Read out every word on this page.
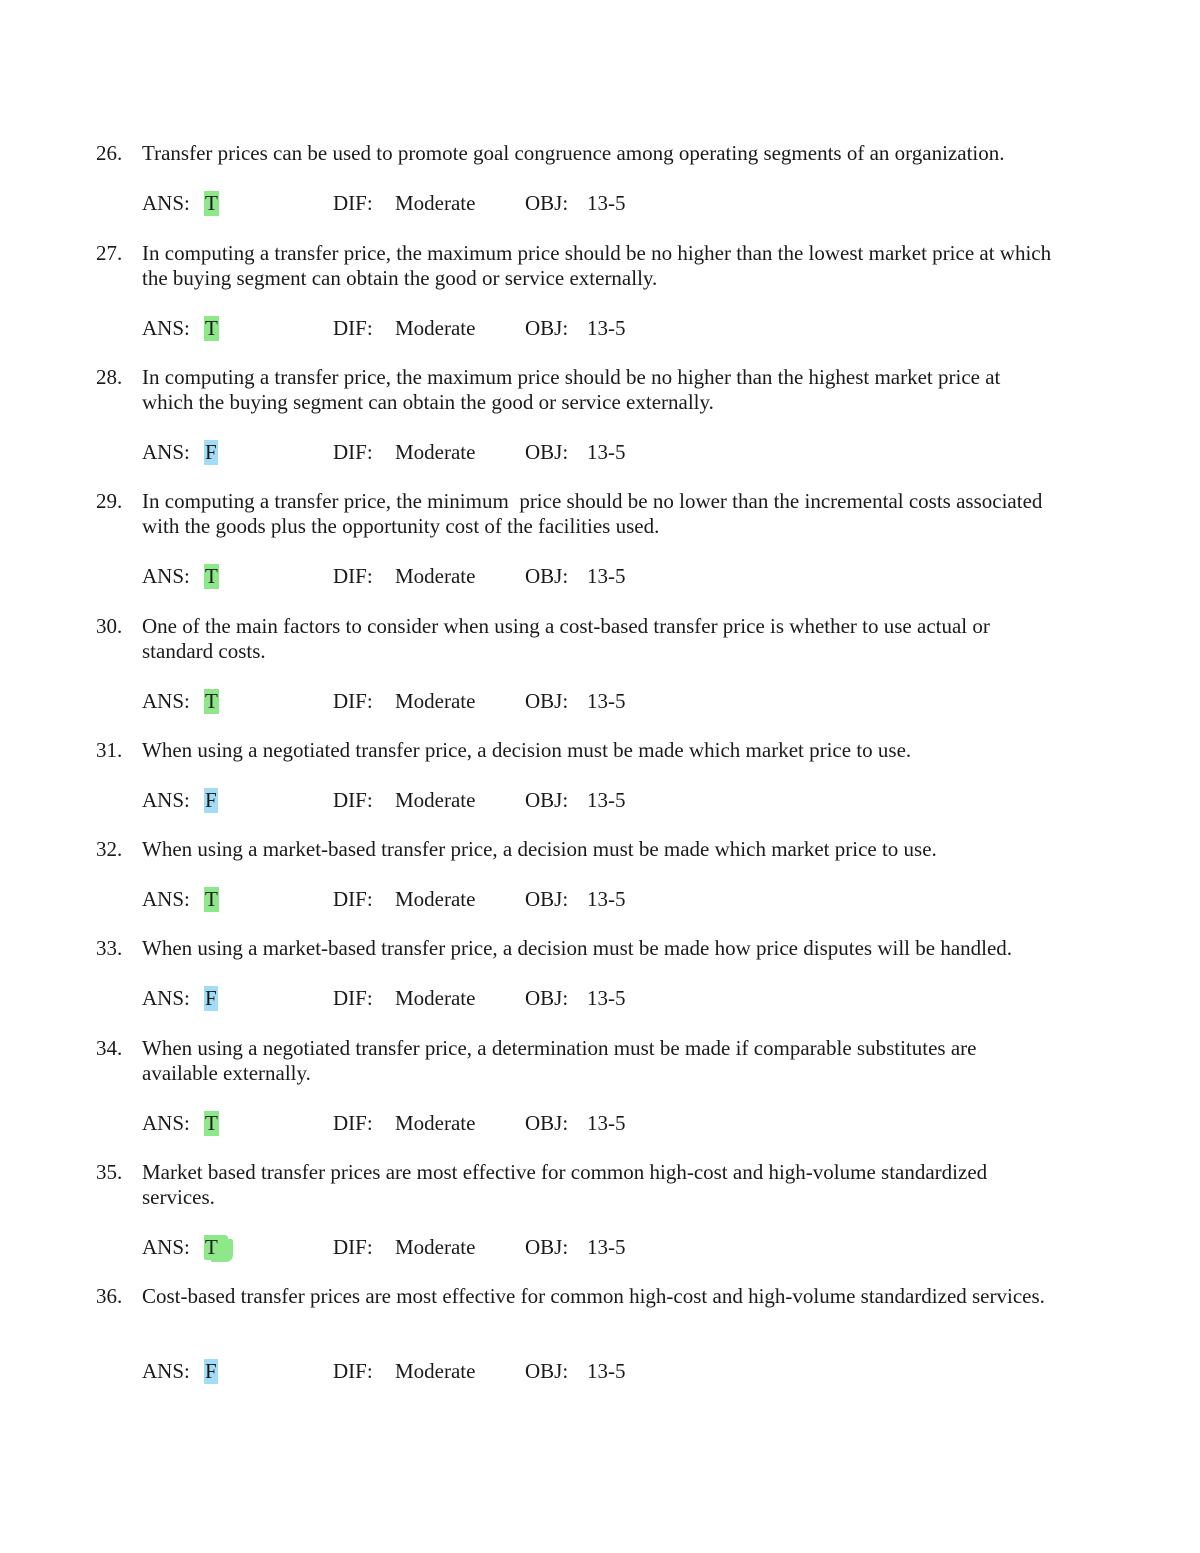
26. Transfer prices can be used to promote goal congruence among operating segments of an organization.
ANS: T	DIF: Moderate OBJ: 13-5
27. In computing a transfer price, the maximum price should be no higher than the lowest market price at which the buying segment can obtain the good or service externally.
ANS: T	DIF: Moderate OBJ: 13-5
28. In computing a transfer price, the maximum price should be no higher than the highest market price at which the buying segment can obtain the good or service externally.
ANS: F	DIF: Moderate OBJ: 13-5
29. In computing a transfer price, the minimum  price should be no lower than the incremental costs associated with the goods plus the opportunity cost of the facilities used.
ANS: T	DIF: Moderate OBJ: 13-5
30. One of the main factors to consider when using a cost-based transfer price is whether to use actual or standard costs.
ANS: T	DIF: Moderate OBJ: 13-5
31. When using a negotiated transfer price, a decision must be made which market price to use.
ANS: F	DIF: Moderate OBJ: 13-5
32. When using a market-based transfer price, a decision must be made which market price to use.
ANS: T	DIF: Moderate OBJ: 13-5
33. When using a market-based transfer price, a decision must be made how price disputes will be handled.
ANS: F	DIF: Moderate OBJ: 13-5
34. When using a negotiated transfer price, a determination must be made if comparable substitutes are available externally.
ANS: T	DIF: Moderate OBJ: 13-5
35. Market based transfer prices are most effective for common high-cost and high-volume standardized services.
ANS: T	DIF: Moderate OBJ: 13-5
36. Cost-based transfer prices are most effective for common high-cost and high-volume standardized services.
ANS: F	DIF: Moderate OBJ: 13-5
